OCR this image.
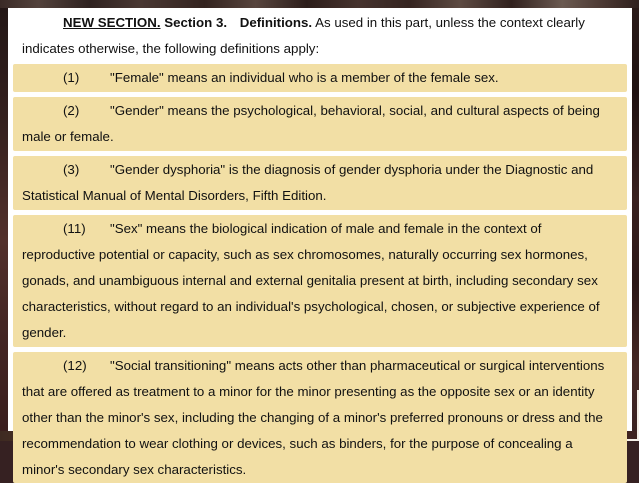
NEW SECTION. Section 3. Definitions. As used in this part, unless the context clearly indicates otherwise, the following definitions apply:

(1) "Female" means an individual who is a member of the female sex.

(2) "Gender" means the psychological, behavioral, social, and cultural aspects of being male or female.

(3) "Gender dysphoria" is the diagnosis of gender dysphoria under the Diagnostic and Statistical Manual of Mental Disorders, Fifth Edition.

(11) "Sex" means the biological indication of male and female in the context of reproductive potential or capacity, such as sex chromosomes, naturally occurring sex hormones, gonads, and unambiguous internal and external genitalia present at birth, including secondary sex characteristics, without regard to an individual's psychological, chosen, or subjective experience of gender.

(12) "Social transitioning" means acts other than pharmaceutical or surgical interventions that are offered as treatment to a minor for the minor presenting as the opposite sex or an identity other than the minor's sex, including the changing of a minor's preferred pronouns or dress and the recommendation to wear clothing or devices, such as binders, for the purpose of concealing a minor's secondary sex characteristics.
